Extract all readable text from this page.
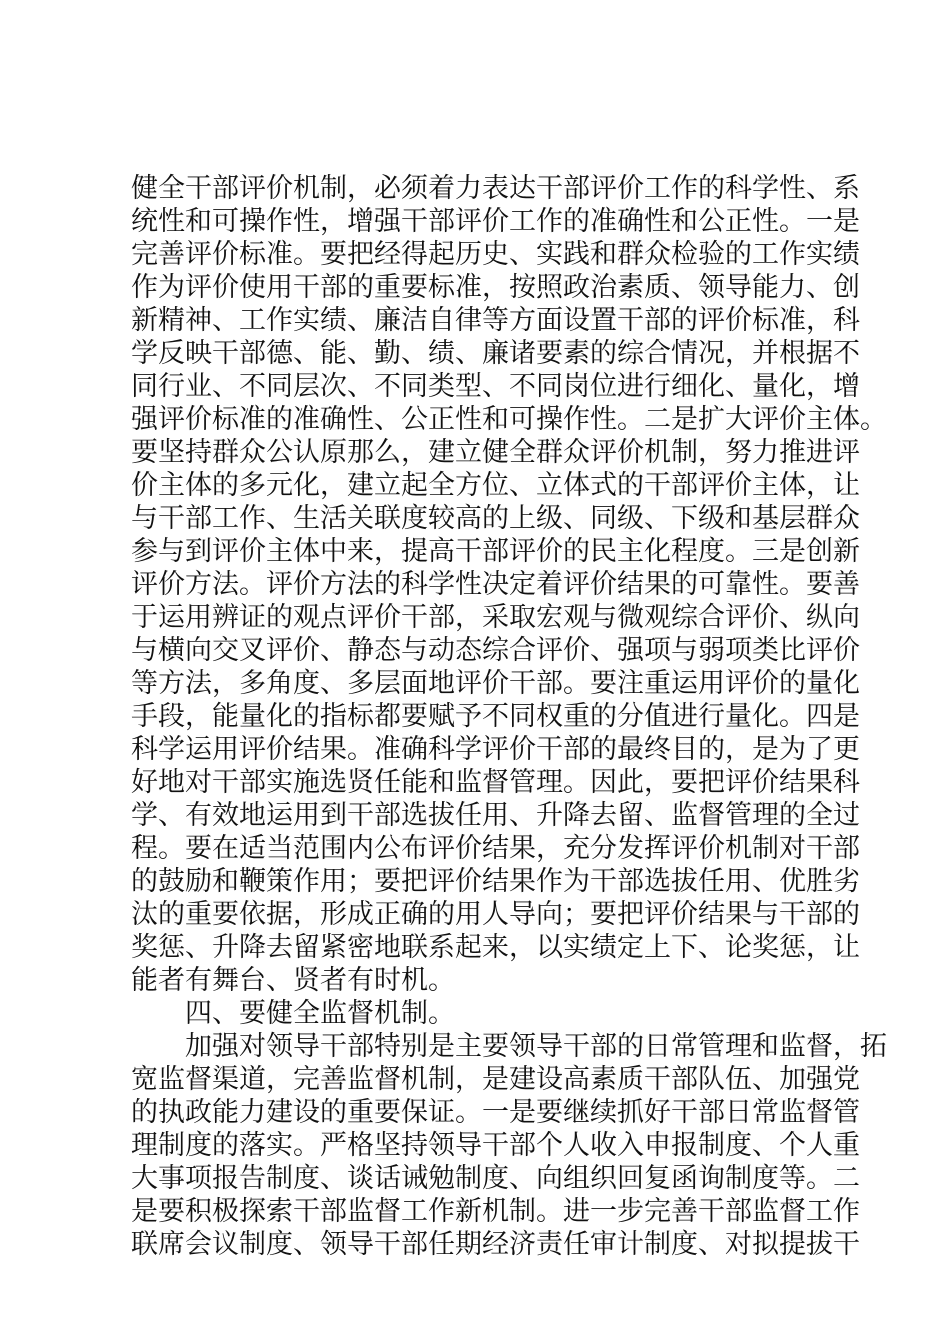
健全干部评价机制，必须着力表达干部评价工作的科学性、系
统性和可操作性，增强干部评价工作的准确性和公正性。一是
完善评价标准。要把经得起历史、实践和群众检验的工作实绩
作为评价使用干部的重要标准，按照政治素质、领导能力、创
新精神、工作实绩、廉洁自律等方面设置干部的评价标准，科
学反映干部德、能、勤、绩、廉诸要素的综合情况，并根据不
同行业、不同层次、不同类型、不同岗位进行细化、量化，增
强评价标准的准确性、公正性和可操作性。二是扩大评价主体。
要坚持群众公认原那么，建立健全群众评价机制，努力推进评
价主体的多元化，建立起全方位、立体式的干部评价主体，让
与干部工作、生活关联度较高的上级、同级、下级和基层群众
参与到评价主体中来，提高干部评价的民主化程度。三是创新
评价方法。评价方法的科学性决定着评价结果的可靠性。要善
于运用辨证的观点评价干部，采取宏观与微观综合评价、纵向
与横向交叉评价、静态与动态综合评价、强项与弱项类比评价
等方法，多角度、多层面地评价干部。要注重运用评价的量化
手段，能量化的指标都要赋予不同权重的分值进行量化。四是
科学运用评价结果。准确科学评价干部的最终目的，是为了更
好地对干部实施选贤任能和监督管理。因此，要把评价结果科
学、有效地运用到干部选拔任用、升降去留、监督管理的全过
程。要在适当范围内公布评价结果，充分发挥评价机制对干部
的鼓励和鞭策作用；要把评价结果作为干部选拔任用、优胜劣
汰的重要依据，形成正确的用人导向；要把评价结果与干部的
奖惩、升降去留紧密地联系起来，以实绩定上下、论奖惩，让
能者有舞台、贤者有时机。
四、要健全监督机制。
加强对领导干部特别是主要领导干部的日常管理和监督，拓
宽监督渠道，完善监督机制，是建设高素质干部队伍、加强党
的执政能力建设的重要保证。一是要继续抓好干部日常监督管
理制度的落实。严格坚持领导干部个人收入申报制度、个人重
大事项报告制度、谈话诫勉制度、向组织回复函询制度等。二
是要积极探索干部监督工作新机制。进一步完善干部监督工作
联席会议制度、领导干部任期经济责任审计制度、对拟提拔干
